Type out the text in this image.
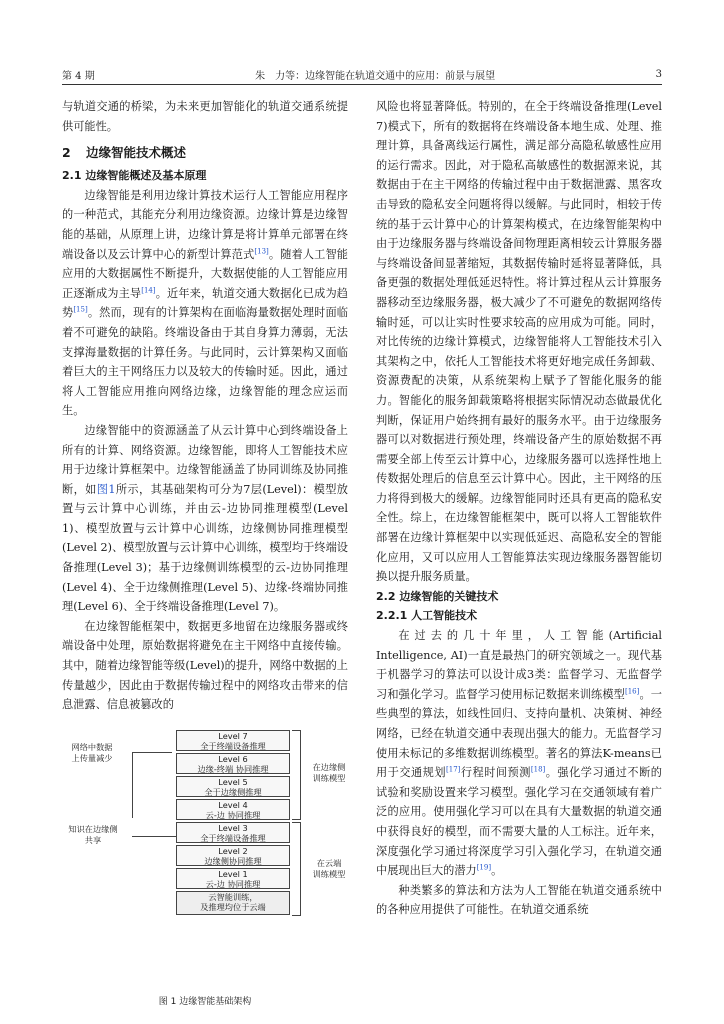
第 4 期	朱　力等：边缘智能在轨道交通中的应用：前景与展望	3

与轨道交通的桥梁，为未来更加智能化的轨道交通系统提供可能性。

2 边缘智能技术概述
2.1 边缘智能概述及基本原理

边缘智能是利用边缘计算技术运行人工智能应用程序的一种范式，其能充分利用边缘资源。边缘计算是边缘智能的基础，从原理上讲，边缘计算是将计算单元部署在终端设备以及云计算中心的新型计算范式[13]。随着人工智能应用的大数据属性不断提升，大数据使能的人工智能应用正逐渐成为主导[14]。近年来，轨道交通大数据化已成为趋势[15]。然而，现有的计算架构在面临海量数据处理时面临着不可避免的缺陷。终端设备由于其自身算力薄弱，无法支撑海量数据的计算任务。与此同时，云计算架构又面临着巨大的主干网络压力以及较大的传输时延。因此，通过将人工智能应用推向网络边缘，边缘智能的理念应运而生。

边缘智能中的资源涵盖了从云计算中心到终端设备上所有的计算、网络资源。边缘智能，即将人工智能技术应用于边缘计算框架中。边缘智能涵盖了协同训练及协同推断，如图1所示，其基础架构可分为7层(Level)：模型放置与云计算中心训练，并由云-边协同推理模型(Level 1)、模型放置与云计算中心训练，边缘侧协同推理模型(Level 2)、模型放置与云计算中心训练，模型均于终端设备推理(Level 3)；基于边缘侧训练模型的云-边协同推理(Level 4)、全于边缘侧推理(Level 5)、边缘-终端协同推理(Level 6)、全于终端设备推理(Level 7)。

在边缘智能框架中，数据更多地留在边缘服务器或终端设备中处理，原始数据将避免在主干网络中直接传输。其中，随着边缘智能等级(Level)的提升，网络中数据的上传量越少，因此由于数据传输过程中的网络攻击带来的信息泄露、信息被篡改的

Level 7
全于终端设备推理
Level 6
边缘-终端 协同推理
Level 5
全于边缘侧推理
Level 4
云-边 协同推理
Level 3
全于终端设备推理
Level 2
边缘侧协同推理
Level 1
云-边 协同推理
云智能训练，
及推理均位于云端
网络中数据
上传量减少
知识在边缘侧
共享
在边缘侧
训练模型
在云端
训练模型
图 1 边缘智能基础架构

风险也将显著降低。特别的，在全于终端设备推理(Level 7)模式下，所有的数据将在终端设备本地生成、处理、推理计算，具备离线运行属性，满足部分高隐私敏感性应用的运行需求。因此，对于隐私高敏感性的数据源来说，其数据由于在主干网络的传输过程中由于数据泄露、黑客攻击导致的隐私安全问题将得以缓解。与此同时，相较于传统的基于云计算中心的计算架构模式，在边缘智能架构中由于边缘服务器与终端设备间物理距离相较云计算服务器与终端设备间显著缩短，其数据传输时延将显著降低，具备更强的数据处理低延迟特性。将计算过程从云计算服务器移动至边缘服务器，极大减少了不可避免的数据网络传输时延，可以让实时性要求较高的应用成为可能。同时，对比传统的边缘计算模式，边缘智能将人工智能技术引入其架构之中，依托人工智能技术将更好地完成任务卸载、资源费配的决策，从系统架构上赋予了智能化服务的能力。智能化的服务卸载策略将根据实际情况动态做最优化判断，保证用户始终拥有最好的服务水平。由于边缘服务器可以对数据进行预处理，终端设备产生的原始数据不再需要全部上传至云计算中心，边缘服务器可以选择性地上传数据处理后的信息至云计算中心。因此，主干网络的压力将得到极大的缓解。边缘智能同时还具有更高的隐私安全性。综上，在边缘智能框架中，既可以将人工智能软件部署在边缘计算框架中以实现低延迟、高隐私安全的智能化应用，又可以应用人工智能算法实现边缘服务器智能切换以提升服务质量。

2.2 边缘智能的关键技术
2.2.1 人工智能技术

在过去的几十年里，人工智能(Artificial Intelligence, AI)一直是最热门的研究领域之一。现代基于机器学习的算法可以设计成3类：监督学习、无监督学习和强化学习。监督学习使用标记数据来训练模型[16]。一些典型的算法，如线性回归、支持向量机、决策树、神经网络，已经在轨道交通中表现出强大的能力。无监督学习使用未标记的多维数据训练模型。著名的算法K-means已用于交通规划[17]行程时间预测[18]。强化学习通过不断的试验和奖励设置来学习模型。强化学习在交通领域有着广泛的应用。使用强化学习可以在具有大量数据的轨道交通中获得良好的模型，而不需要大量的人工标注。近年来，深度强化学习通过将深度学习引入强化学习，在轨道交通中展现出巨大的潜力[19]。

种类繁多的算法和方法为人工智能在轨道交通系统中的各种应用提供了可能性。在轨道交通系统
